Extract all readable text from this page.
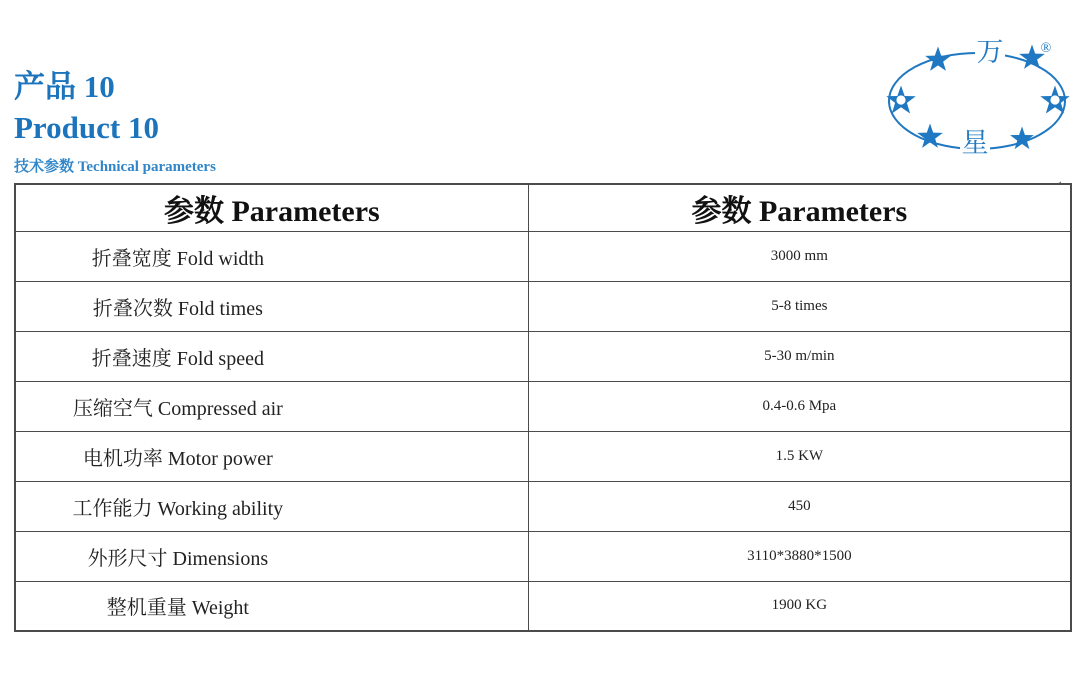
产品 10
Product 10
技术参数 Technical parameters
万
星
®
参数 Parameters	参数 Parameters
折叠宽度 Fold width	3000 mm
折叠次数 Fold times	5-8 times
折叠速度 Fold speed	5-30 m/min
压缩空气 Compressed air	0.4-0.6 Mpa
电机功率 Motor power	1.5 KW
工作能力 Working ability	450
外形尺寸 Dimensions	3110*3880*1500
整机重量 Weight	1900 KG
